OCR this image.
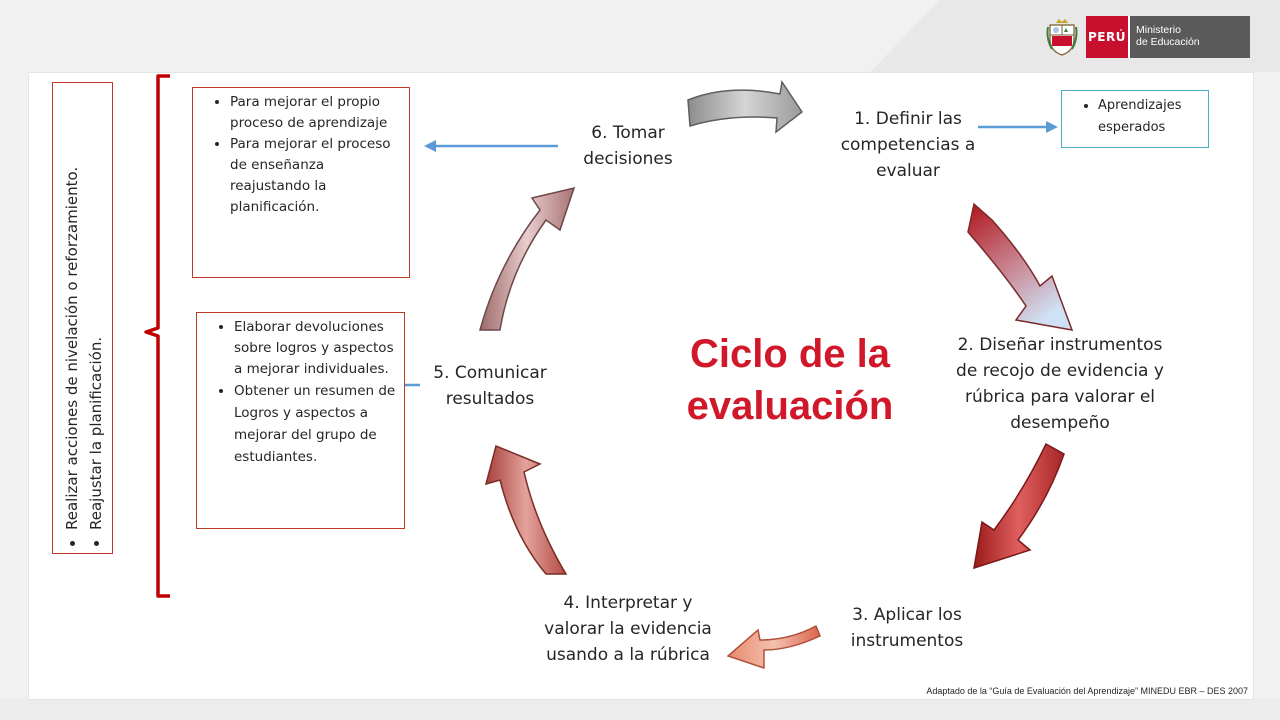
PERÚ Ministerio
de Educación
Ciclo de la
evaluación
1. Definir las
competencias a
evaluar
2. Diseñar instrumentos
de recojo de evidencia y
rúbrica para valorar el
desempeño
3. Aplicar los
instrumentos
4. Interpretar y
valorar la evidencia
usando a la rúbrica
5. Comunicar
resultados
6. Tomar
decisiones
• Para mejorar el propio proceso de aprendizaje
• Para mejorar el proceso de enseñanza reajustando la planificación.
• Elaborar devoluciones sobre logros y aspectos a mejorar individuales.
• Obtener un resumen de Logros y aspectos a mejorar del grupo de estudiantes.
• Aprendizajes esperados
• Realizar acciones de nivelación o reforzamiento.
• Reajustar la planificación.
Adaptado de la “Guía de Evaluación del Aprendizaje” MINEDU EBR – DES 2007
